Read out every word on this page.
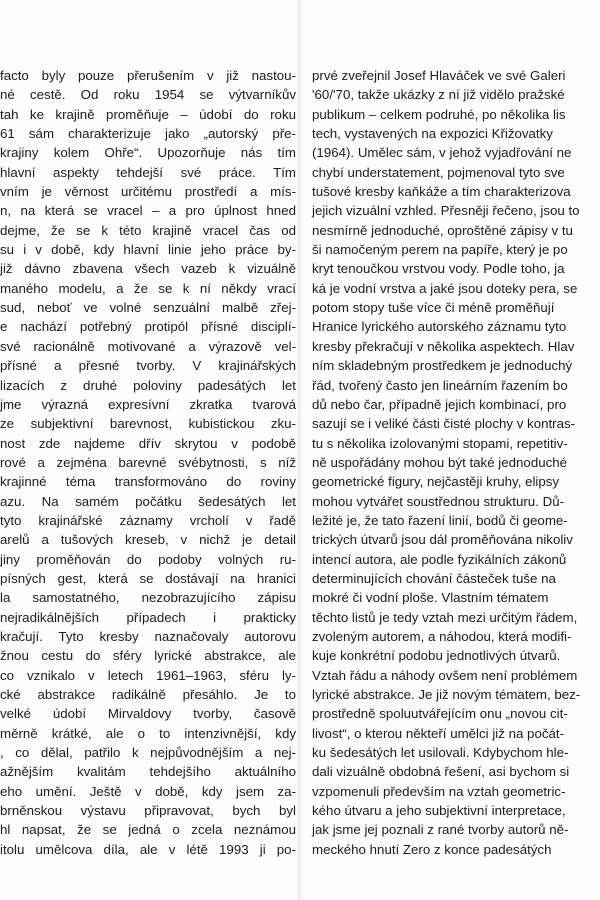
facto byly pouze přerušením v již nastou-
né cestě. Od roku 1954 se výtvarníkův
tah ke krajině proměňuje – údobí do roku
61 sám charakterizuje jako „autorský pře-
krajiny kolem Ohře“. Upozorňuje nás tím
hlavní aspekty tehdejší své práce. Tím
vním je věrnost určitému prostředí a mís-
n, na která se vracel – a pro úplnost hned
dejme, že se k této krajině vracel čas od
su i v době, kdy hlavní linie jeho práce by-
již dávno zbavena všech vazeb k vizuálně
maného modelu, a že se k ní někdy vrací
sud, neboť ve volné senzuální malbě zřej-
e nachází potřebný protipól přísné disciplí-
své racionálně motivované a výrazově vel-
přísné a přesné tvorby. V krajinářských
lizacích z druhé poloviny padesátých let
jme výrazná expresívní zkratka tvarová
ze subjektivní barevnost, kubistickou zku-
nost zde najdeme dřív skrytou v podobě
rové a zejména barevné svébytnosti, s níž
krajinné téma transformováno do roviny
azu. Na samém počátku šedesátých let
tyto krajinářské záznamy vrcholí v řadě
arelů a tušových kreseb, v nichž je detail
jiny proměňován do podoby volných ru-
písných gest, která se dostávají na hranici
la samostatného, nezobrazujícího zápisu
nejradikálnějších případech i prakticky
kračují. Tyto kresby naznačovaly autorovu
žnou cestu do sféry lyrické abstrakce, ale
co vznikalo v letech 1961–1963, sféru ly-
cké abstrakce radikálně přesáhlo. Je to
velké údobí Mirvaldovy tvorby, časově
měrně krátké, ale o to intenzivnější, kdy
, co dělal, patřilo k nejpůvodnějším a nej-
ažnějším kvalitám tehdejšího aktuálního
eho umění. Ještě v době, kdy jsem za-
brněnskou výstavu připravovat, bych byl
hl napsat, že se jedná o zcela neznámou
itolu umělcova díla, ale v létě 1993 ji po-
prvé zveřejnil Josef Hlaváček ve své Galeri
'60/'70, takže ukázky z ní již vidělo pražské
publikum – celkem podruhé, po několika lis
tech, vystavených na expozici Křižovatky
(1964). Umělec sám, v jehož vyjadřování ne
chybí understatement, pojmenoval tyto sve
tušové kresby kaňkáže a tím charakterizova
jejich vizuální vzhled. Přesněji řečeno, jsou to
nesmírně jednoduché, oproštěné zápisy v tu
ši namočeným perem na papíře, který je po
kryt tenoučkou vrstvou vody. Podle toho, ja
ká je vodní vrstva a jaké jsou doteky pera, se
potom stopy tuše více či méně proměňují
Hranice lyrického autorského záznamu tyto
kresby překračují v několika aspektech. Hlav
ním skladebným prostředkem je jednoduchý
řád, tvořený často jen lineárním řazením bo
dů nebo čar, případně jejich kombinací, pro
sazují se i veliké části čisté plochy v kontras-
tu s několika izolovanými stopami, repetitiv-
ně uspořádány mohou být také jednoduché
geometrické figury, nejčastěji kruhy, elipsy
mohou vytvářet soustřednou strukturu. Dů-
ležité je, že tato řazení linií, bodů či geome-
trických útvarů jsou dál proměňována nikoliv
intencí autora, ale podle fyzikálních zákonů
determinujících chování částeček tuše na
mokré či vodní ploše. Vlastním tématem
těchto listů je tedy vztah mezi určitým řádem,
zvoleným autorem, a náhodou, která modifi-
kuje konkrétní podobu jednotlivých útvarů.
Vztah řádu a náhody ovšem není problémem
lyrické abstrakce. Je již novým tématem, bez-
prostředně spoluutvářejícím onu „novou cit-
livost“, o kterou někteří umělci již na počát-
ku šedesátých let usilovali. Kdybychom hle-
dali vizuálně obdobná řešení, asi bychom si
vzpomenuli především na vztah geometric-
kého útvaru a jeho subjektivní interpretace,
jak jsme jej poznali z rané tvorby autorů ně-
meckého hnutí Zero z konce padesátých
